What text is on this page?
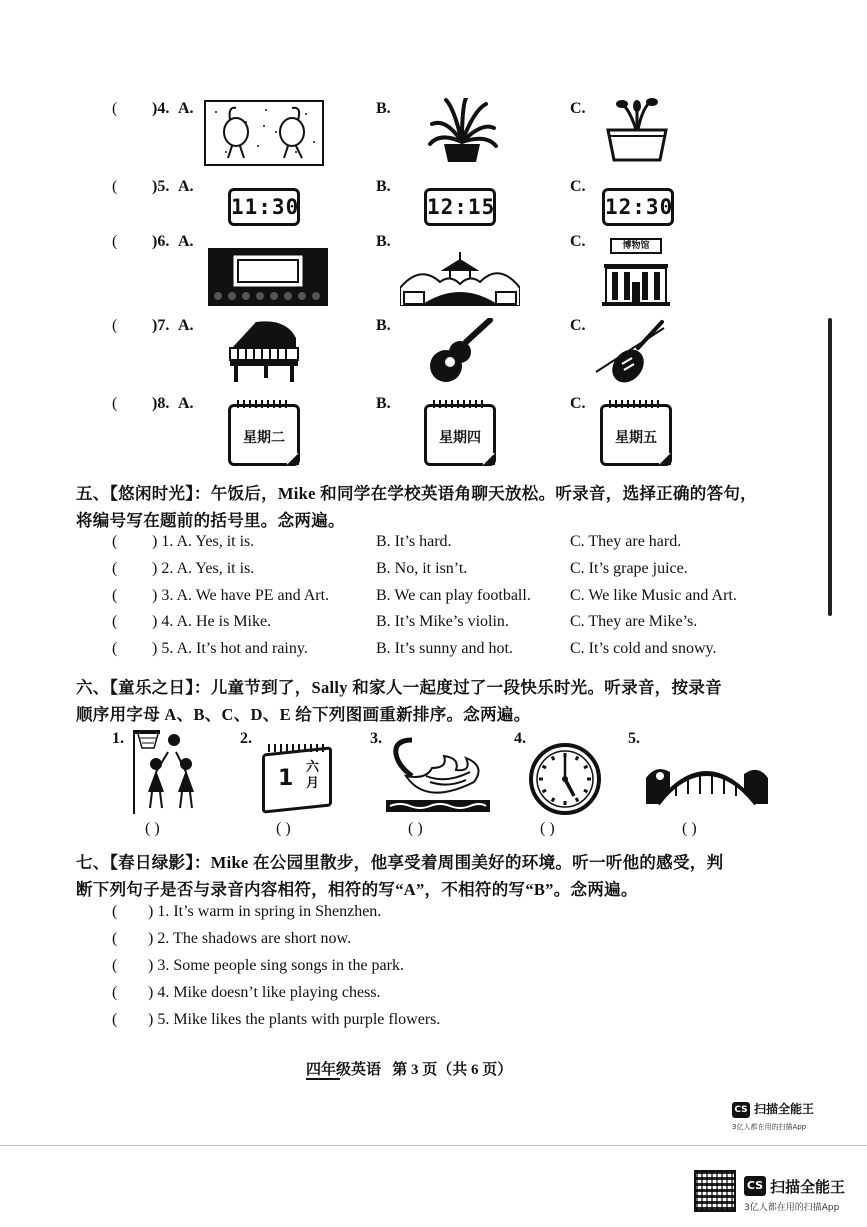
( )4. A.	B.	C.
( )5. A.
11:30
B.
12:15
C.
12:30
( )6. A.	B.	C.	博物馆
( )7. A.	B.	C.
( )8. A.
星期二
B.
星期四
C.
星期五
五、【悠闲时光】：午饭后，Mike 和同学在学校英语角聊天放松。听录音，选择正确的答句，
将编号写在题前的括号里。念两遍。
( ) 1. A. Yes, it is.	B. It’s hard.	C. They are hard.
( ) 2. A. Yes, it is.	B. No, it isn’t.	C. It’s grape juice.
( ) 3. A. We have PE and Art.	B. We can play football. C. We like Music and Art.
( ) 4. A. He is Mike.	B. It’s Mike’s violin.	C. They are Mike’s.
( ) 5. A. It’s hot and rainy.	B. It’s sunny and hot.	C. It’s cold and snowy.
六、【童乐之日】：儿童节到了，Sally 和家人一起度过了一段快乐时光。听录音，按录音
顺序用字母 A、B、C、D、E 给下列图画重新排序。念两遍。
1.
( )
2.
1 六月
( )
3.
( )
4.
( )
5.
( )
七、【春日绿影】：Mike 在公园里散步，他享受着周围美好的环境。听一听他的感受，判
断下列句子是否与录音内容相符，相符的写“A”，不相符的写“B”。念两遍。
( ) 1. It’s warm in spring in Shenzhen.
( ) 2. The shadows are short now.
( ) 3. Some people sing songs in the park.
( ) 4. Mike doesn’t like playing chess.
( ) 5. Mike likes the plants with purple flowers.
四年级英语   第 3 页（共 6 页）
CS 扫描全能王
3亿人都在用的扫描App
CS 扫描全能王
3亿人都在用的扫描App
